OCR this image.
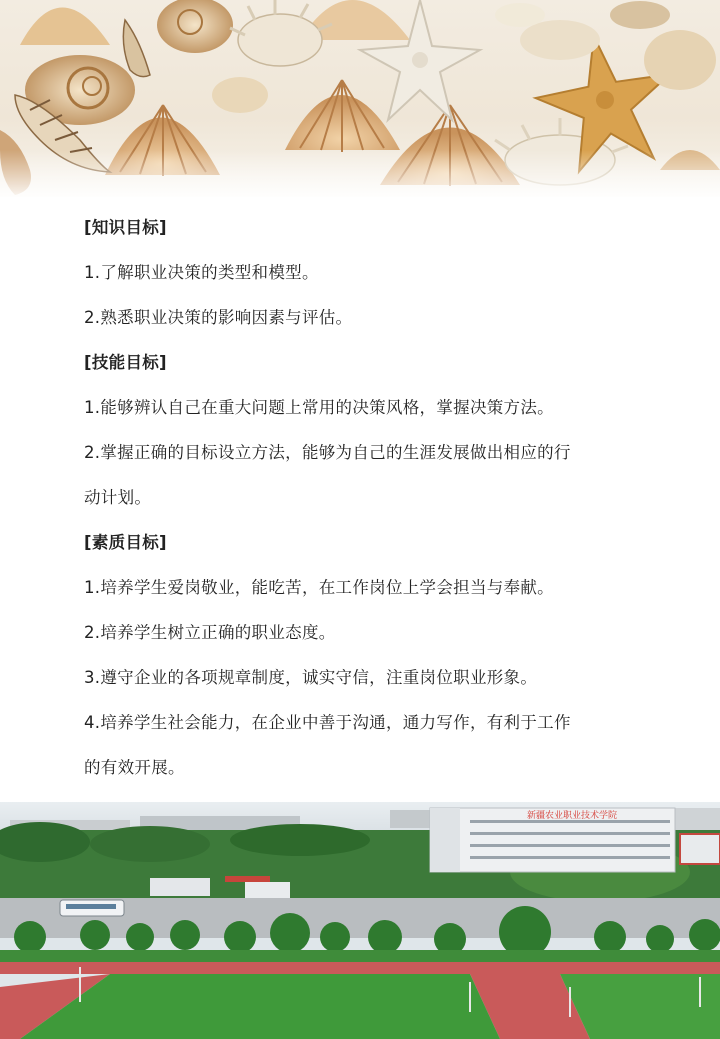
[知识目标]
1.了解职业决策的类型和模型。
2.熟悉职业决策的影响因素与评估。
[技能目标]
1.能够辨认自己在重大问题上常用的决策风格，掌握决策方法。
2.掌握正确的目标设立方法，能够为自己的生涯发展做出相应的行
动计划。
[素质目标]
1.培养学生爱岗敬业，能吃苦，在工作岗位上学会担当与奉献。
2.培养学生树立正确的职业态度。
3.遵守企业的各项规章制度，诚实守信，注重岗位职业形象。
4.培养学生社会能力，在企业中善于沟通，通力写作，有利于工作
的有效开展。
新疆农业职业技术学院
